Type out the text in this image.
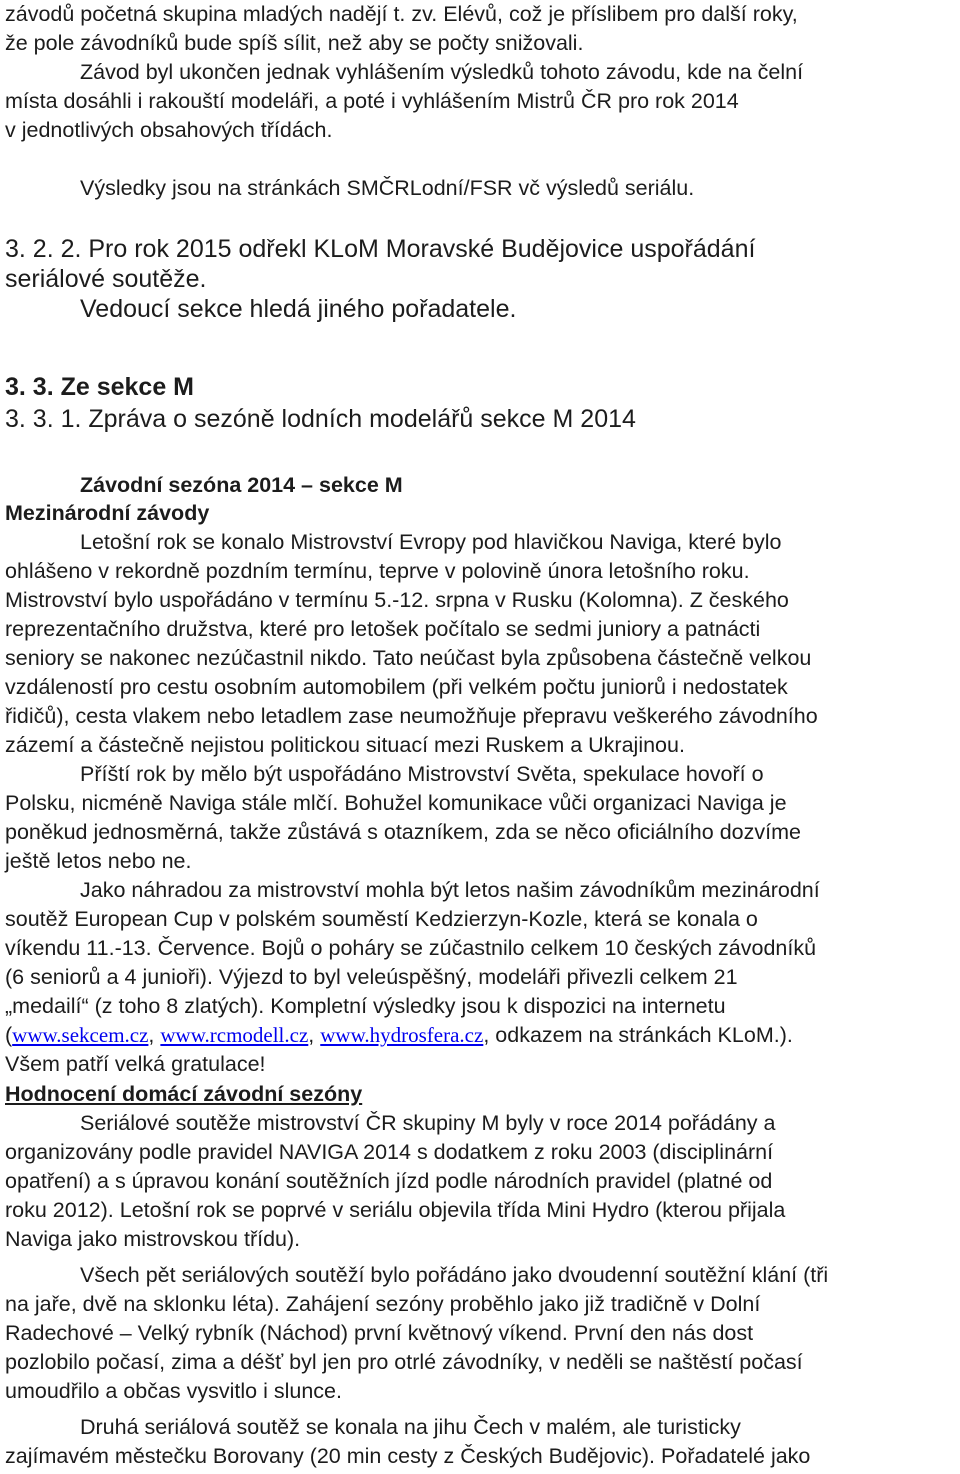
závodů početná skupina mladých nadějí t. zv. Elévů, což je příslibem pro další roky,
že pole závodníků bude spíš sílit, než aby se počty snižovali.
Závod byl ukončen jednak vyhlášením výsledků tohoto závodu, kde na čelní
místa dosáhli i rakouští modeláři, a poté i vyhlášením Mistrů ČR pro rok 2014
v jednotlivých obsahových třídách.
Výsledky jsou na stránkách SMČRLodní/FSR vč výsledů seriálu.
3. 2. 2. Pro rok 2015 odřekl KLoM Moravské Budějovice uspořádání
seriálové soutěže.
Vedoucí sekce hledá jiného pořadatele.
3. 3. Ze sekce M
3. 3. 1. Zpráva o sezóně lodních modelářů sekce M 2014
Závodní sezóna 2014 – sekce M
Mezinárodní závody
Letošní rok se konalo Mistrovství Evropy pod hlavičkou Naviga, které bylo
ohlášeno v rekordně pozdním termínu, teprve v polovině února letošního roku.
Mistrovství bylo uspořádáno v termínu 5.-12. srpna v Rusku (Kolomna). Z českého
reprezentačního družstva, které pro letošek počítalo se sedmi juniory a patnácti
seniory se nakonec nezúčastnil nikdo. Tato neúčast byla způsobena částečně velkou
vzdáleností pro cestu osobním automobilem (při velkém počtu juniorů i nedostatek
řidičů), cesta vlakem nebo letadlem zase neumožňuje přepravu veškerého závodního
zázemí a částečně nejistou politickou situací mezi Ruskem a Ukrajinou.
Příští rok by mělo být uspořádáno Mistrovství Světa, spekulace hovoří o
Polsku, nicméně Naviga stále mlčí. Bohužel komunikace vůči organizaci Naviga je
poněkud jednosměrná, takže zůstává s otazníkem, zda se něco oficiálního dozvíme
ještě letos nebo ne.
Jako náhradou za mistrovství mohla být letos našim závodníkům mezinárodní
soutěž European Cup v polském souměstí Kedzierzyn-Kozle, která se konala o
víkendu 11.-13. Července. Bojů o poháry se zúčastnilo celkem 10 českých závodníků
(6 seniorů a 4 junioři). Výjezd to byl veleúspěšný, modeláři přivezli celkem 21
„medailí“ (z toho 8 zlatých). Kompletní výsledky jsou k dispozici na internetu
(www.sekcem.cz, www.rcmodell.cz, www.hydrosfera.cz, odkazem na stránkách KLoM.).
Všem patří velká gratulace!
Hodnocení domácí závodní sezóny
Seriálové soutěže mistrovství ČR skupiny M byly v roce 2014 pořádány a
organizovány podle pravidel NAVIGA 2014 s dodatkem z roku 2003 (disciplinární
opatření) a s úpravou konání soutěžních jízd podle národních pravidel (platné od
roku 2012). Letošní rok se poprvé v seriálu objevila třída Mini Hydro (kterou přijala
Naviga jako mistrovskou třídu).
Všech pět seriálových soutěží bylo pořádáno jako dvoudenní soutěžní klání (tři
na jaře, dvě na sklonku léta). Zahájení sezóny proběhlo jako již tradičně v Dolní
Radechové – Velký rybník (Náchod) první květnový víkend. První den nás dost
pozlobilo počasí, zima a déšť byl jen pro otrlé závodníky, v neděli se naštěstí počasí
umoudřilo a občas vysvitlo i slunce.
Druhá seriálová soutěž se konala na jihu Čech v malém, ale turisticky
zajímavém městečku Borovany (20 min cesty z Českých Budějovic). Pořadatelé jako
